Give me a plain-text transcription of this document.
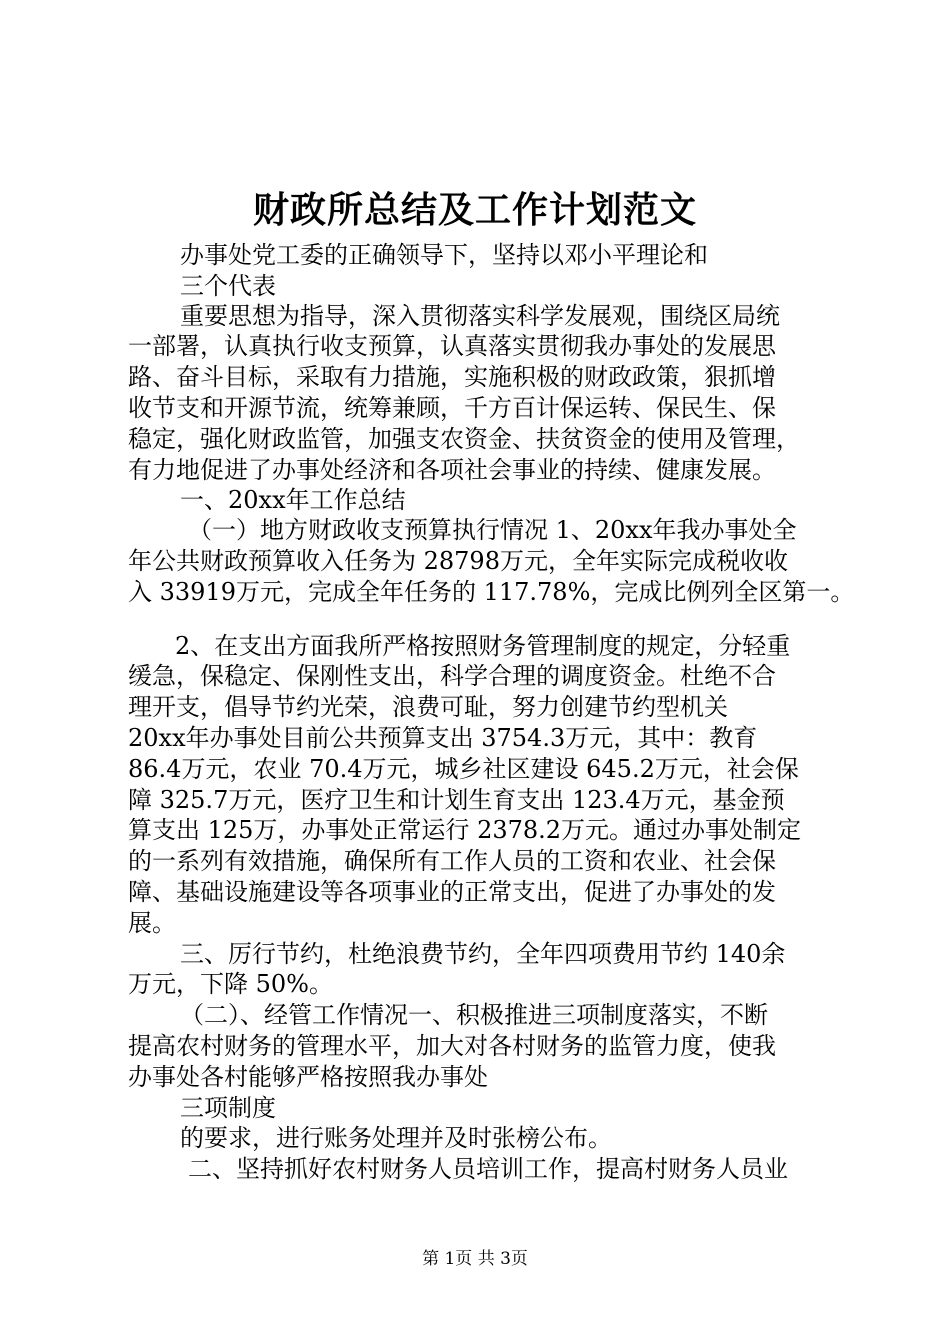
财政所总结及工作计划范文
办事处党工委的正确领导下，坚持以邓小平理论和
三个代表
重要思想为指导，深入贯彻落实科学发展观，围绕区局统
一部署，认真执行收支预算，认真落实贯彻我办事处的发展思
路、奋斗目标，采取有力措施，实施积极的财政政策，狠抓增
收节支和开源节流，统筹兼顾，千方百计保运转、保民生、保
稳定，强化财政监管，加强支农资金、扶贫资金的使用及管理，
有力地促进了办事处经济和各项社会事业的持续、健康发展。
一、20xx年工作总结
（一）地方财政收支预算执行情况 1、20xx年我办事处全
年公共财政预算收入任务为 28798万元，全年实际完成税收收
入 33919万元，完成全年任务的 117.78%，完成比例列全区第一。
2、在支出方面我所严格按照财务管理制度的规定，分轻重
缓急，保稳定、保刚性支出，科学合理的调度资金。杜绝不合
理开支，倡导节约光荣，浪费可耻，努力创建节约型机关
20xx年办事处目前公共预算支出 3754.3万元，其中：教育
86.4万元，农业 70.4万元，城乡社区建设 645.2万元，社会保
障 325.7万元，医疗卫生和计划生育支出 123.4万元，基金预
算支出 125万，办事处正常运行 2378.2万元。通过办事处制定
的一系列有效措施，确保所有工作人员的工资和农业、社会保
障、基础设施建设等各项事业的正常支出，促进了办事处的发
展。
三、厉行节约，杜绝浪费节约，全年四项费用节约 140余
万元，下降 50%。
（二）、经管工作情况一、积极推进三项制度落实，不断
提高农村财务的管理水平，加大对各村财务的监管力度，使我
办事处各村能够严格按照我办事处
三项制度
的要求，进行账务处理并及时张榜公布。
二、坚持抓好农村财务人员培训工作，提高村财务人员业
第 1页 共 3页
